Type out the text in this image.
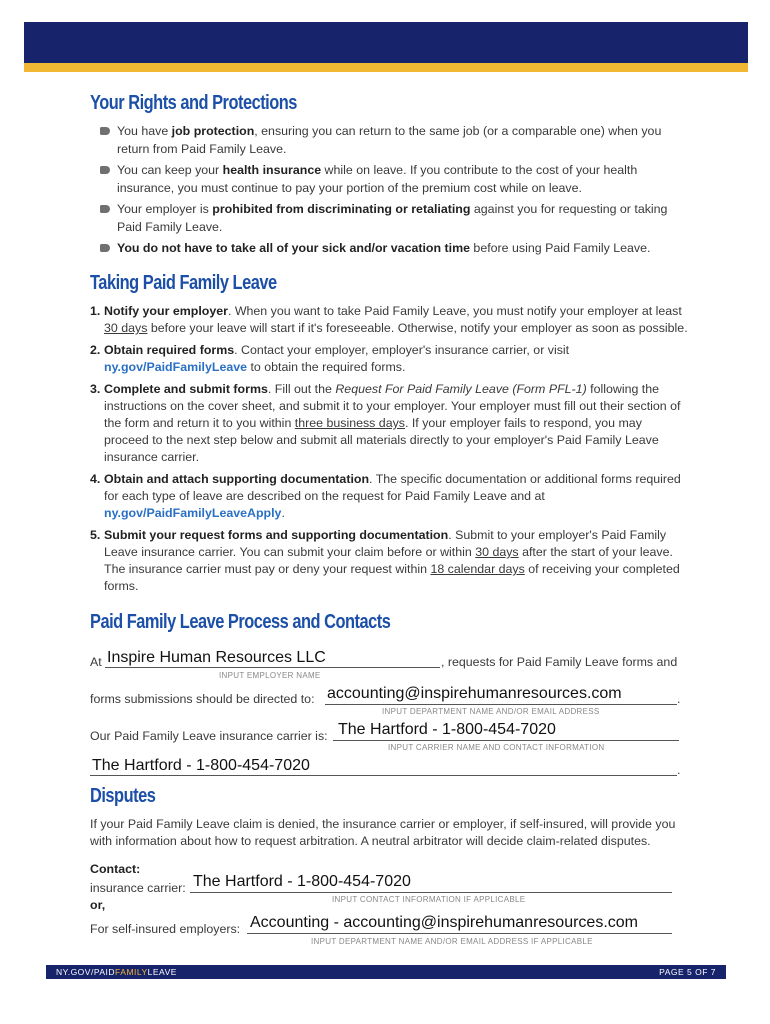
Your Rights and Protections
You have job protection, ensuring you can return to the same job (or a comparable one) when you return from Paid Family Leave.
You can keep your health insurance while on leave. If you contribute to the cost of your health insurance, you must continue to pay your portion of the premium cost while on leave.
Your employer is prohibited from discriminating or retaliating against you for requesting or taking Paid Family Leave.
You do not have to take all of your sick and/or vacation time before using Paid Family Leave.
Taking Paid Family Leave
1. Notify your employer. When you want to take Paid Family Leave, you must notify your employer at least 30 days before your leave will start if it's foreseeable. Otherwise, notify your employer as soon as possible.
2. Obtain required forms. Contact your employer, employer's insurance carrier, or visit ny.gov/PaidFamilyLeave to obtain the required forms.
3. Complete and submit forms. Fill out the Request For Paid Family Leave (Form PFL-1) following the instructions on the cover sheet, and submit it to your employer. Your employer must fill out their section of the form and return it to you within three business days. If your employer fails to respond, you may proceed to the next step below and submit all materials directly to your employer's Paid Family Leave insurance carrier.
4. Obtain and attach supporting documentation. The specific documentation or additional forms required for each type of leave are described on the request for Paid Family Leave and at ny.gov/PaidFamilyLeaveApply.
5. Submit your request forms and supporting documentation. Submit to your employer's Paid Family Leave insurance carrier. You can submit your claim before or within 30 days after the start of your leave. The insurance carrier must pay or deny your request within 18 calendar days of receiving your completed forms.
Paid Family Leave Process and Contacts
At Inspire Human Resources LLC	, requests for Paid Family Leave forms and
INPUT EMPLOYER NAME
forms submissions should be directed to: accounting@inspirehumanresources.com	.
INPUT DEPARTMENT NAME AND/OR EMAIL ADDRESS
Our Paid Family Leave insurance carrier is: The Hartford - 1-800-454-7020
INPUT CARRIER NAME AND CONTACT INFORMATION
The Hartford - 1-800-454-7020	.
Disputes
If your Paid Family Leave claim is denied, the insurance carrier or employer, if self-insured, will provide you with information about how to request arbitration. A neutral arbitrator will decide claim-related disputes.
Contact:
insurance carrier: The Hartford - 1-800-454-7020
INPUT CONTACT INFORMATION IF APPLICABLE
or,
For self-insured employers: Accounting - accounting@inspirehumanresources.com
INPUT DEPARTMENT NAME AND/OR EMAIL ADDRESS IF APPLICABLE
NY.GOV/PAIDFAMILYLEAVE	PAGE 5 OF 7
